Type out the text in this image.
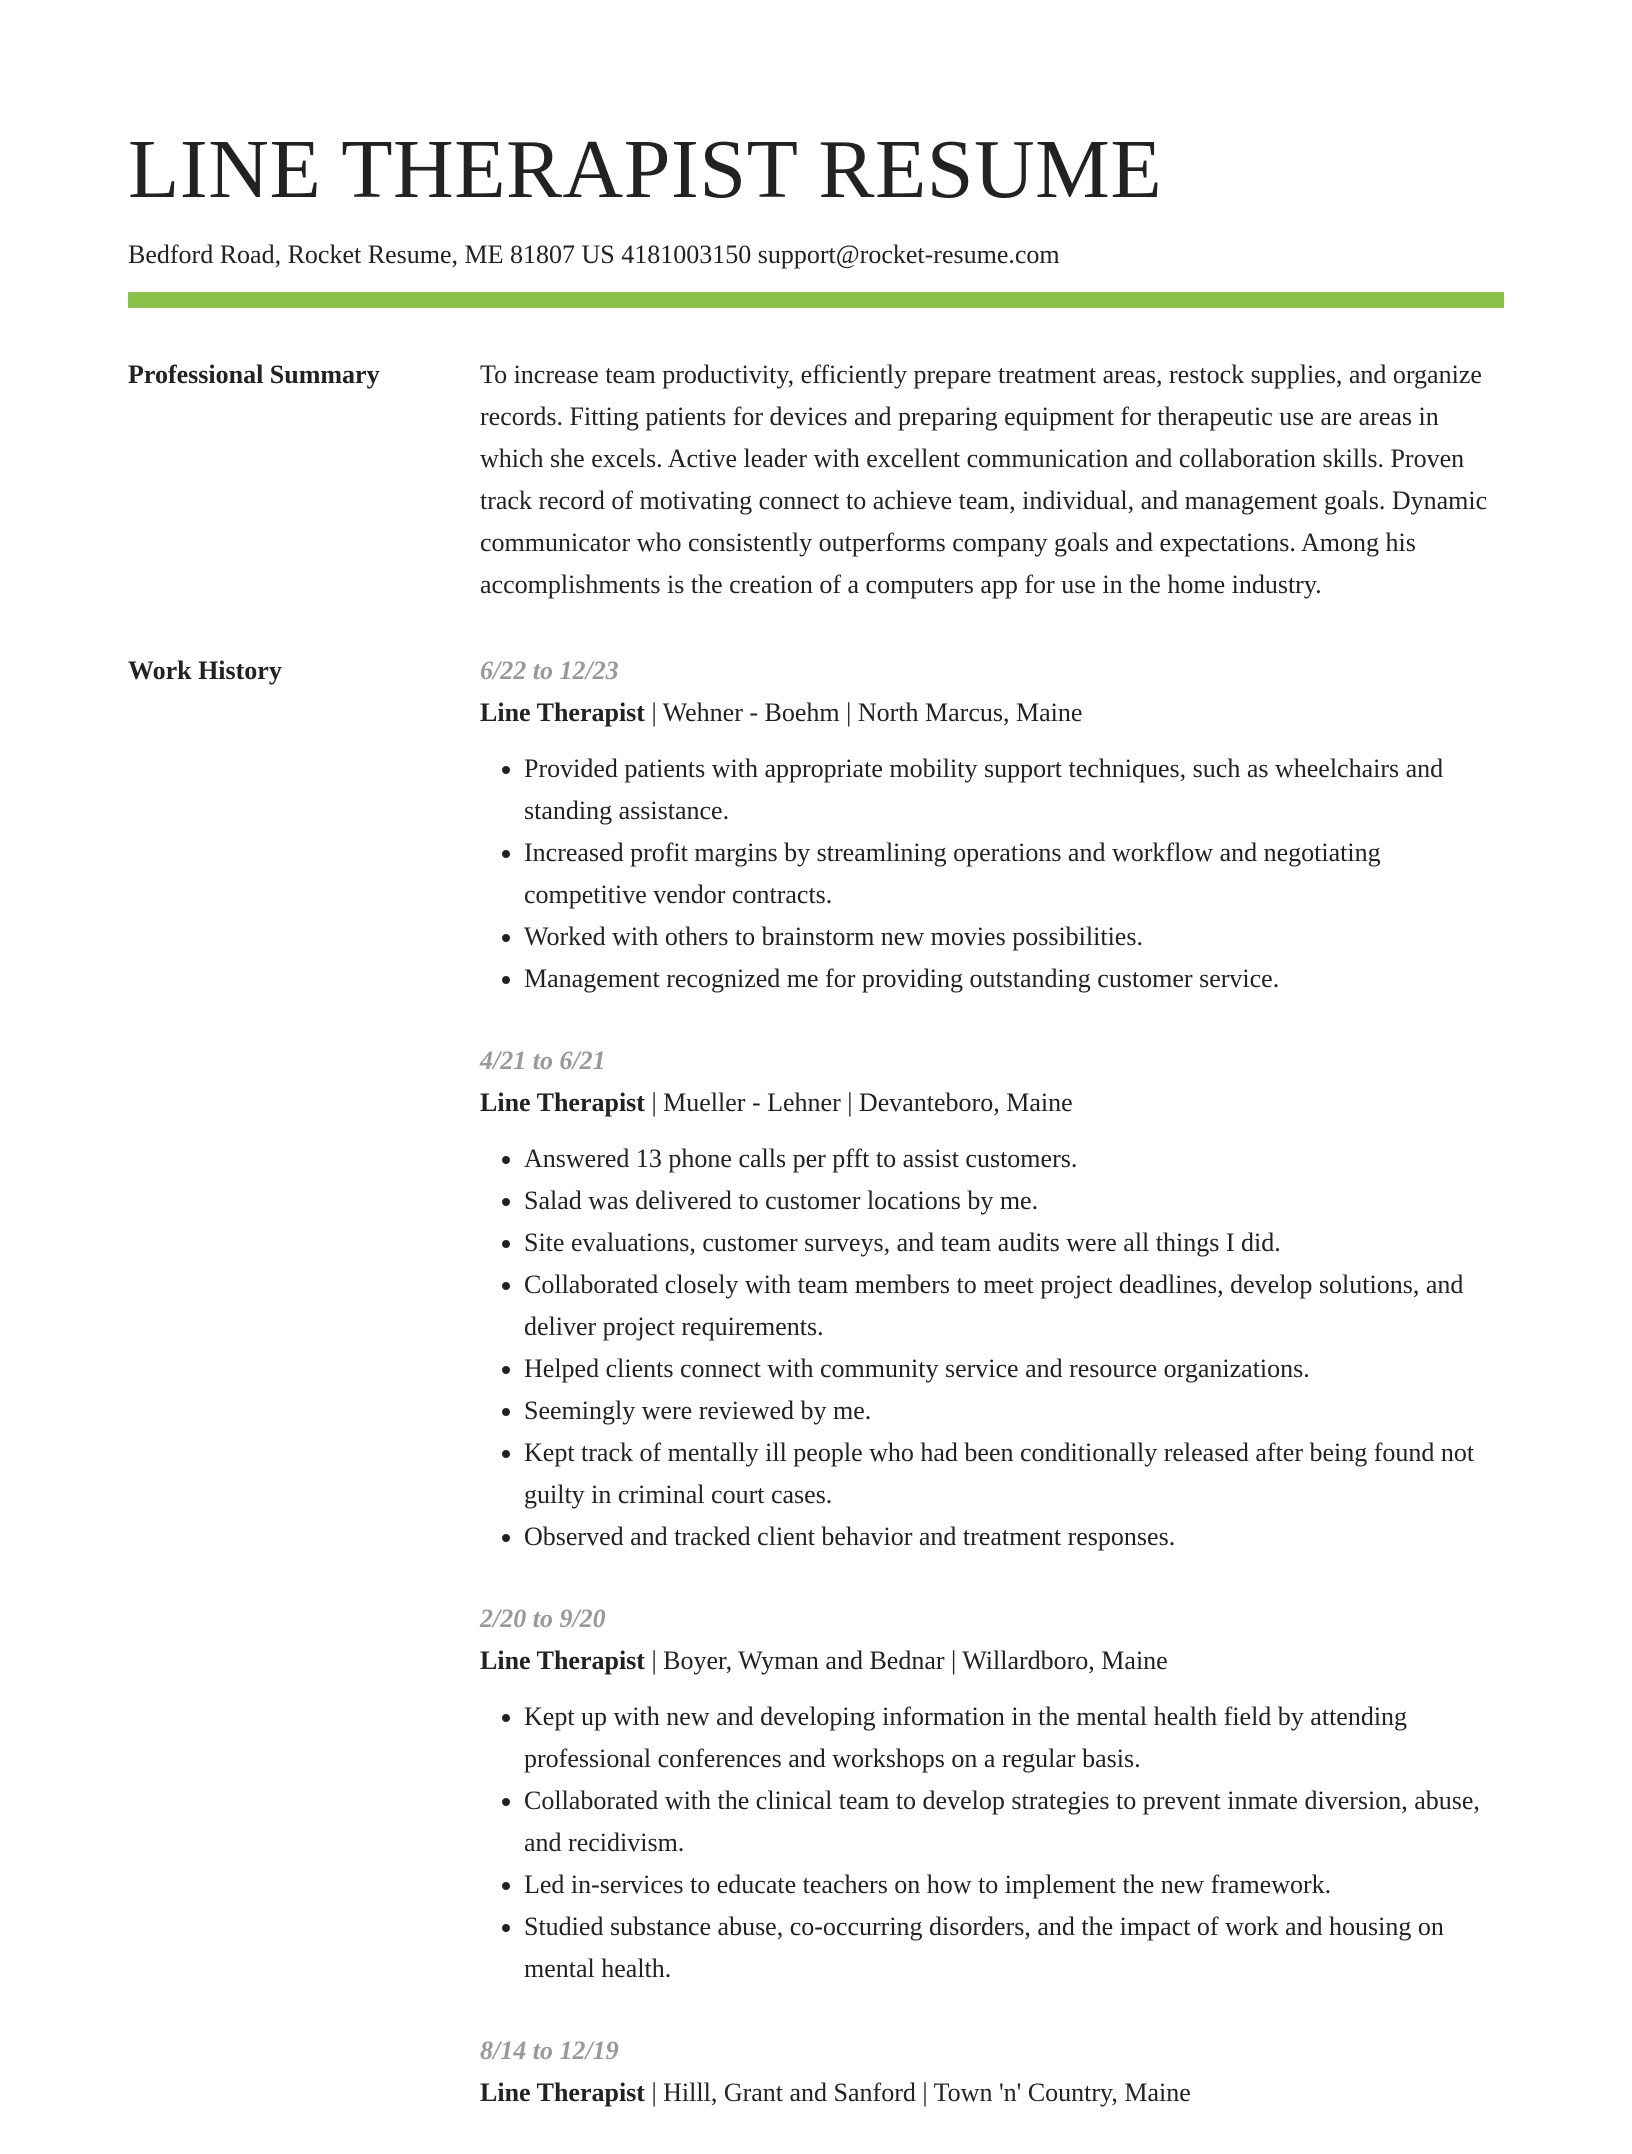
LINE THERAPIST RESUME
Bedford Road, Rocket Resume, ME 81807 US 4181003150 support@rocket-resume.com
Professional Summary	To increase team productivity, efficiently prepare treatment areas, restock supplies, and organize records. Fitting patients for devices and preparing equipment for therapeutic use are areas in which she excels. Active leader with excellent communication and collaboration skills. Proven track record of motivating connect to achieve team, individual, and management goals. Dynamic communicator who consistently outperforms company goals and expectations. Among his accomplishments is the creation of a computers app for use in the home industry.

Work History	6/22 to 12/23
Line Therapist | Wehner - Boehm | North Marcus, Maine
• Provided patients with appropriate mobility support techniques, such as wheelchairs and standing assistance.
• Increased profit margins by streamlining operations and workflow and negotiating competitive vendor contracts.
• Worked with others to brainstorm new movies possibilities.
• Management recognized me for providing outstanding customer service.
4/21 to 6/21
Line Therapist | Mueller - Lehner | Devanteboro, Maine
• Answered 13 phone calls per pfft to assist customers.
• Salad was delivered to customer locations by me.
• Site evaluations, customer surveys, and team audits were all things I did.
• Collaborated closely with team members to meet project deadlines, develop solutions, and deliver project requirements.
• Helped clients connect with community service and resource organizations.
• Seemingly were reviewed by me.
• Kept track of mentally ill people who had been conditionally released after being found not guilty in criminal court cases.
• Observed and tracked client behavior and treatment responses.
2/20 to 9/20
Line Therapist | Boyer, Wyman and Bednar | Willardboro, Maine
• Kept up with new and developing information in the mental health field by attending professional conferences and workshops on a regular basis.
• Collaborated with the clinical team to develop strategies to prevent inmate diversion, abuse, and recidivism.
• Led in-services to educate teachers on how to implement the new framework.
• Studied substance abuse, co-occurring disorders, and the impact of work and housing on mental health.
8/14 to 12/19
Line Therapist | Hilll, Grant and Sanford | Town 'n' Country, Maine
